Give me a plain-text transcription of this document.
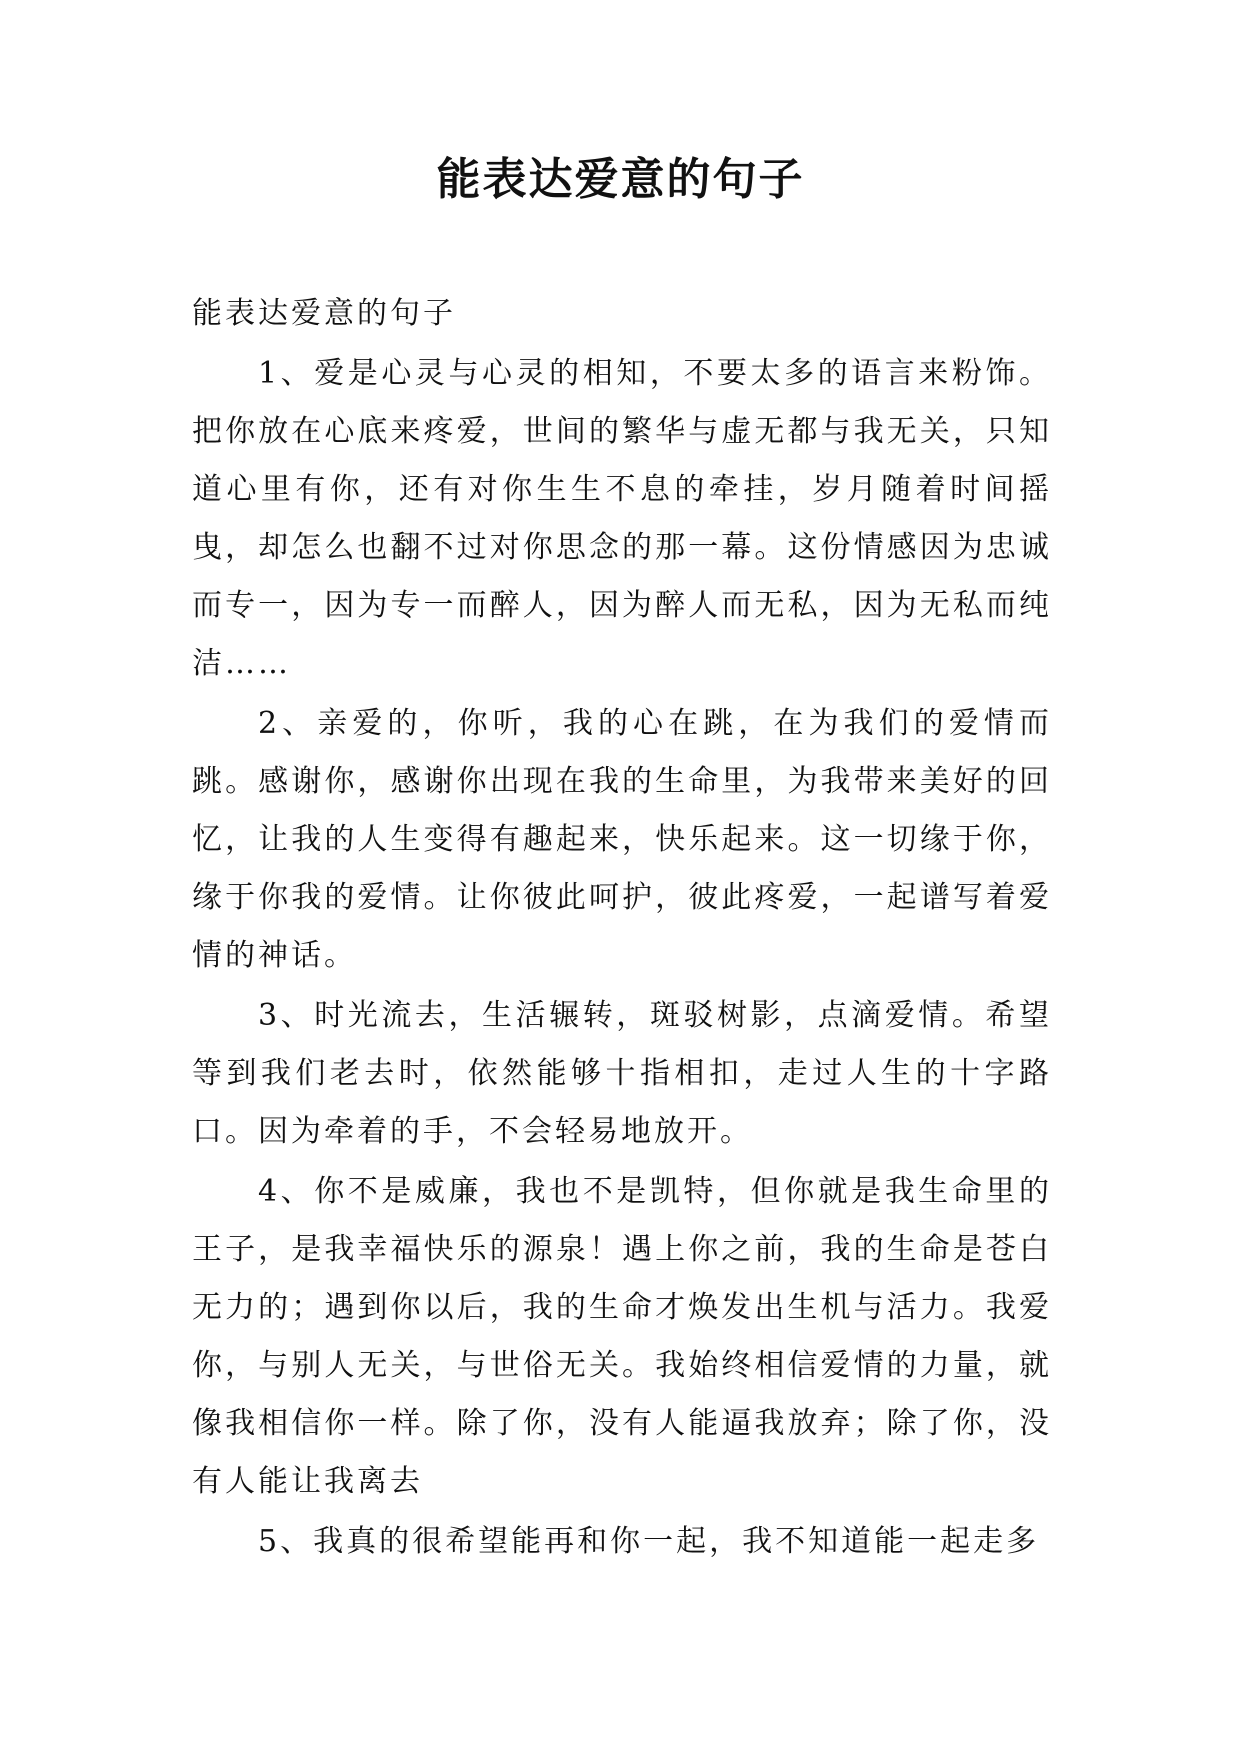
能表达爱意的句子
能表达爱意的句子

1、爱是心灵与心灵的相知，不要太多的语言来粉饰。把你放在心底来疼爱，世间的繁华与虚无都与我无关，只知道心里有你，还有对你生生不息的牵挂，岁月随着时间摇曳，却怎么也翻不过对你思念的那一幕。这份情感因为忠诚而专一，因为专一而醉人，因为醉人而无私，因为无私而纯洁……

2、亲爱的，你听，我的心在跳，在为我们的爱情而跳。感谢你，感谢你出现在我的生命里，为我带来美好的回忆，让我的人生变得有趣起来，快乐起来。这一切缘于你，缘于你我的爱情。让你彼此呵护，彼此疼爱，一起谱写着爱情的神话。

3、时光流去，生活辗转，斑驳树影，点滴爱情。希望等到我们老去时，依然能够十指相扣，走过人生的十字路口。因为牵着的手，不会轻易地放开。

4、你不是威廉，我也不是凯特，但你就是我生命里的王子，是我幸福快乐的源泉！遇上你之前，我的生命是苍白无力的；遇到你以后，我的生命才焕发出生机与活力。我爱你，与别人无关，与世俗无关。我始终相信爱情的力量，就像我相信你一样。除了你，没有人能逼我放弃；除了你，没有人能让我离去

5、我真的很希望能再和你一起，我不知道能一起走多
